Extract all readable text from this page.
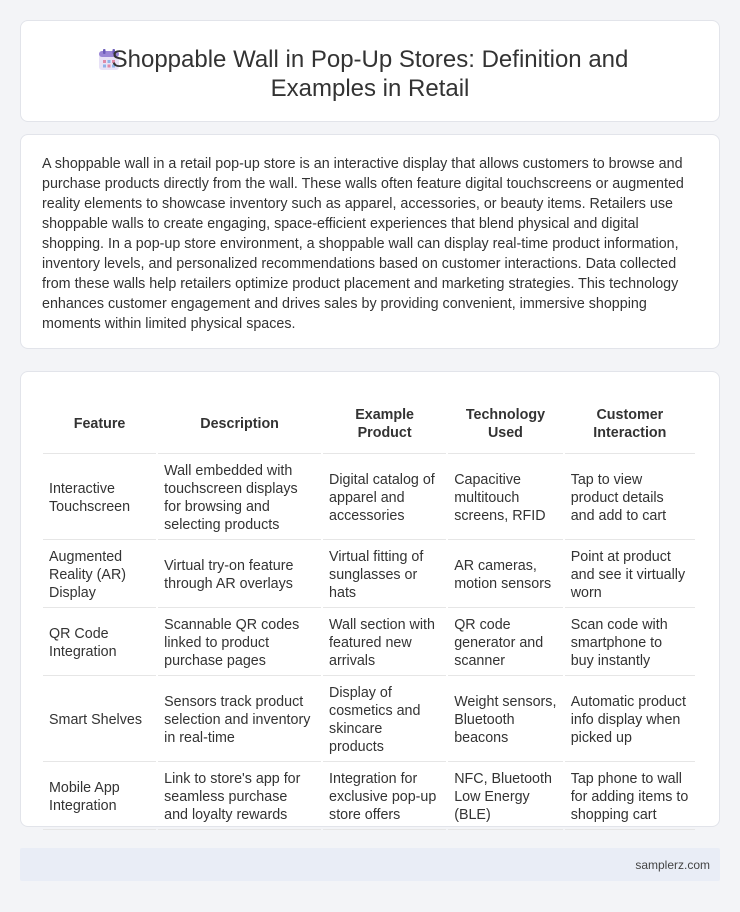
Shoppable Wall in Pop-Up Stores: Definition and Examples in Retail

A shoppable wall in a retail pop-up store is an interactive display that allows customers to browse and purchase products directly from the wall. These walls often feature digital touchscreens or augmented reality elements to showcase inventory such as apparel, accessories, or beauty items. Retailers use shoppable walls to create engaging, space-efficient experiences that blend physical and digital shopping. In a pop-up store environment, a shoppable wall can display real-time product information, inventory levels, and personalized recommendations based on customer interactions. Data collected from these walls help retailers optimize product placement and marketing strategies. This technology enhances customer engagement and drives sales by providing convenient, immersive shopping moments within limited physical spaces.

Feature	Description	Example Product	Technology Used	Customer Interaction
Interactive Touchscreen	Wall embedded with touchscreen displays for browsing and selecting products	Digital catalog of apparel and accessories	Capacitive multitouch screens, RFID	Tap to view product details and add to cart
Augmented Reality (AR) Display	Virtual try-on feature through AR overlays	Virtual fitting of sunglasses or hats	AR cameras, motion sensors	Point at product and see it virtually worn
QR Code Integration	Scannable QR codes linked to product purchase pages	Wall section with featured new arrivals	QR code generator and scanner	Scan code with smartphone to buy instantly
Smart Shelves	Sensors track product selection and inventory in real-time	Display of cosmetics and skincare products	Weight sensors, Bluetooth beacons	Automatic product info display when picked up
Mobile App Integration	Link to store's app for seamless purchase and loyalty rewards	Integration for exclusive pop-up store offers	NFC, Bluetooth Low Energy (BLE)	Tap phone to wall for adding items to shopping cart
samplerz.com
